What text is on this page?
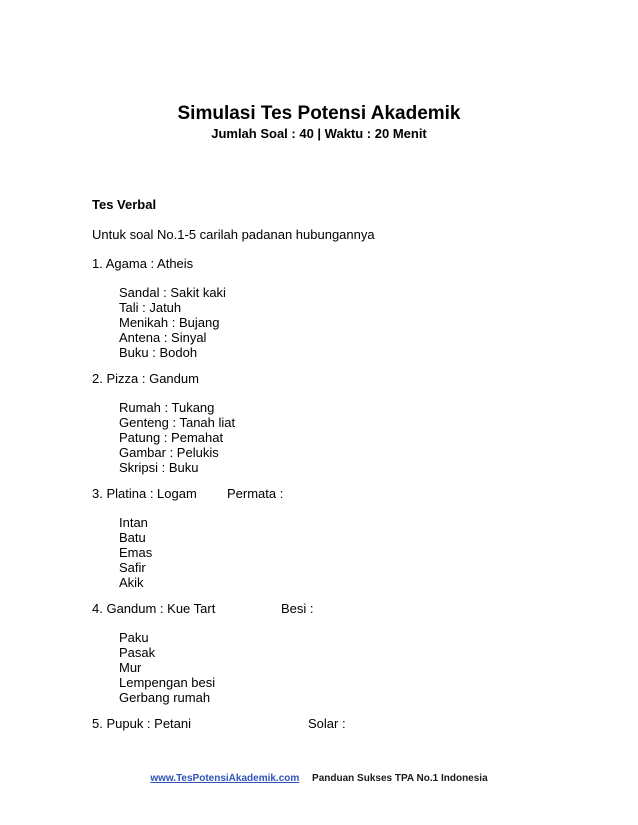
Simulasi Tes Potensi Akademik
Jumlah Soal : 40 | Waktu : 20 Menit
Tes Verbal
Untuk soal No.1-5 carilah padanan hubungannya
1. Agama : Atheis
Sandal : Sakit kaki
Tali : Jatuh
Menikah : Bujang
Antena : Sinyal
Buku : Bodoh
2. Pizza : Gandum
Rumah : Tukang
Genteng : Tanah liat
Patung : Pemahat
Gambar : Pelukis
Skripsi : Buku
3. Platina : Logam Permata :
Intan
Batu
Emas
Safir
Akik
4. Gandum : Kue Tart	Besi :
Paku
Pasak
Mur
Lempengan besi
Gerbang rumah
5. Pupuk : Petani	Solar :
www.TesPotensiAkademik.com Panduan Sukses TPA No.1 Indonesia
